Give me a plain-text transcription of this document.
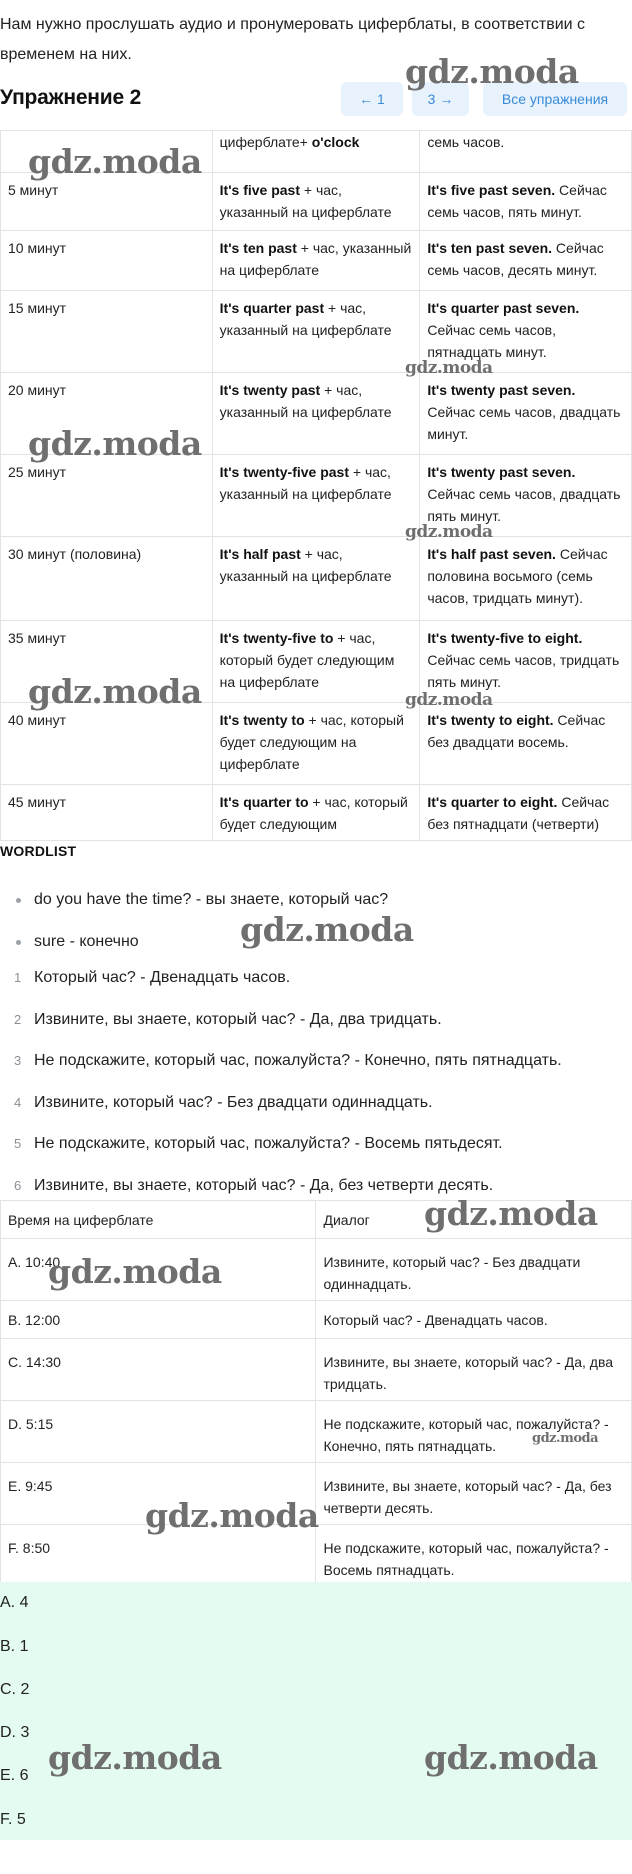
Нам нужно прослушать аудио и пронумеровать циферблаты, в соответствии с временем на них.
Упражнение 2	← 1	3 →	Все упражнения
	циферблате+ o'clock	семь часов.
5 минут	It's five past + час, указанный на циферблате	It's five past seven. Сейчас семь часов, пять минут.
10 минут	It's ten past + час, указанный на циферблате	It's ten past seven. Сейчас семь часов, десять минут.
15 минут	It's quarter past + час, указанный на циферблате	It's quarter past seven. Сейчас семь часов, пятнадцать минут.
20 минут	It's twenty past + час, указанный на циферблате	It's twenty past seven. Сейчас семь часов, двадцать минут.
25 минут	It's twenty-five past + час, указанный на циферблате	It's twenty past seven. Сейчас семь часов, двадцать пять минут.
30 минут (половина)	It's half past + час, указанный на циферблате	It's half past seven. Сейчас половина восьмого (семь часов, тридцать минут).
35 минут	It's twenty-five to + час, который будет следующим на циферблате	It's twenty-five to eight. Сейчас семь часов, тридцать пять минут.
40 минут	It's twenty to + час, который будет следующим на циферблате	It's twenty to eight. Сейчас без двадцати восемь.
45 минут	It's quarter to + час, который будет следующим	It's quarter to eight. Сейчас без пятнадцати (четверти)
WORDLIST
do you have the time? - вы знаете, который час?
sure - конечно
1 Который час? - Двенадцать часов.
2 Извините, вы знаете, который час? - Да, два тридцать.
3 Не подскажите, который час, пожалуйста? - Конечно, пять пятнадцать.
4 Извините, который час? - Без двадцати одиннадцать.
5 Не подскажите, который час, пожалуйста? - Восемь пятьдесят.
6 Извините, вы знаете, который час? - Да, без четверти десять.
Время на циферблате	Диалог
A. 10:40	Извините, который час? - Без двадцати одиннадцать.
B. 12:00	Который час? - Двенадцать часов.
C. 14:30	Извините, вы знаете, который час? - Да, два тридцать.
D. 5:15	Не подскажите, который час, пожалуйста? - Конечно, пять пятнадцать.
E. 9:45	Извините, вы знаете, который час? - Да, без четверти десять.
F. 8:50	Не подскажите, который час, пожалуйста? - Восемь пятнадцать.
A. 4
B. 1
C. 2
D. 3
E. 6
F. 5
gdz.moda
gdz.moda
gdz.moda
gdz.moda
gdz.moda
gdz.moda	gdz.moda
gdz.moda
gdz.moda
gdz.moda
gdz.moda
gdz.moda
gdz.moda	gdz.moda
